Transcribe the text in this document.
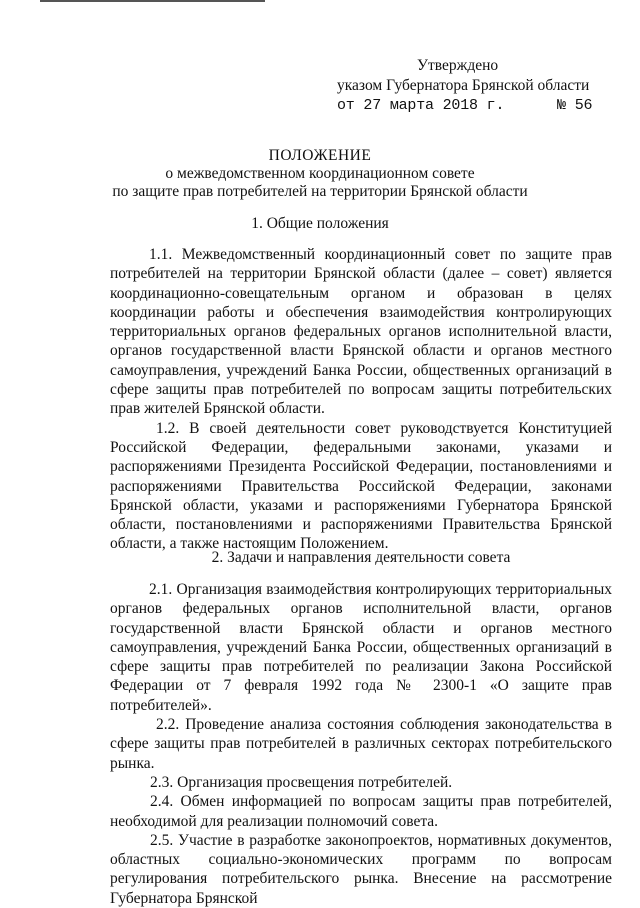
Утверждено
указом Губернатора Брянской области
от 27 марта 2018 г.	№ 56
ПОЛОЖЕНИЕ
о межведомственном координационном совете
по защите прав потребителей на территории Брянской области
1. Общие положения

1.1. Межведомственный координационный совет по защите прав потребителей на территории Брянской области (далее – совет) является координационно-совещательным органом и образован в целях координации работы и обеспечения взаимодействия контролирующих территориальных органов федеральных органов исполнительной власти, органов государственной власти Брянской области и органов местного самоуправления, учреждений Банка России, общественных организаций в сфере защиты прав потребителей по вопросам защиты потребительских прав жителей Брянской области.

1.2. В своей деятельности совет руководствуется Конституцией Российской Федерации, федеральными законами, указами и распоряжениями Президента Российской Федерации, постановлениями и распоряжениями Правительства Российской Федерации, законами Брянской области, указами и распоряжениями Губернатора Брянской области, постановлениями и распоряжениями Правительства Брянской области, а также настоящим Положением.

2. Задачи и направления деятельности совета

2.1. Организация взаимодействия контролирующих территориальных органов федеральных органов исполнительной власти, органов государственной власти Брянской области и органов местного самоуправления, учреждений Банка России, общественных организаций в сфере защиты прав потребителей по реализации Закона Российской Федерации от 7 февраля 1992 года № 2300-1 «О защите прав потребителей».

2.2. Проведение анализа состояния соблюдения законодательства в сфере защиты прав потребителей в различных секторах потребительского рынка.

2.3. Организация просвещения потребителей.

2.4. Обмен информацией по вопросам защиты прав потребителей, необходимой для реализации полномочий совета.

2.5. Участие в разработке законопроектов, нормативных документов, областных социально-экономических программ по вопросам регулирования потребительского рынка. Внесение на рассмотрение Губернатора Брянской
